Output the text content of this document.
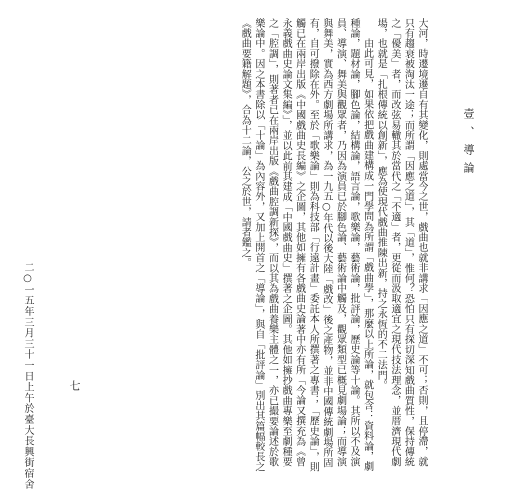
大河，時遷境遷自有其變化，則處當今之世，戲曲也就非講求「因應之道」不可；否則，且停滯，就只有趨衰被淘汰一途；而所謂「因應之道」，其「道」，惟何？恐怕只有探切深知戲曲質性，保持傳統之「優美」者，而改弦易轍其於當代之「不適」者，更從而汲取適宜之現代技法理念，並厝濟現代劇場，也就是「扎根傳統以創新」，應為使現代戲曲推陳出新，持之永恆的不二法門。

由此可見，如果依把戲曲建構成一門學問為所謂「戲曲學」，那麼以上所論，就包含：資料論，劇種論，題材論，腳色論，結構論，語言論，歌樂論，藝術論，批評論，歷史論等十論。其所以不及演員、導演、舞美與觀眾者，乃因為演員已於腳色論、藝術論中觸及，觀眾類型已概見劇場論；而導演與舞美，實為西方劇場所講求，為一九五○年代以後大陸「戲改」後之產物，並非中國傳統劇場所固有，自可撥除在外。至於「歌樂論」則為科技部「行遠計畫」委託本人所撰著之專書；「歷史論」，則觸已在兩岸出版《中國戲曲史長編》之企圖，其他如擁有各戲曲史論著中亦有所「今論又撰充為《曾永義戲曲史論文集編》」，並以此前其建成「中國戲曲史」撰著之企圖。其他如擁抄戲曲專樂至劇種要之「腔調」，則著者已在兩岸出版《戲曲腔調新探》，而以其為戲曲養樂主體之一，亦已撮要論述於歌樂論中。因之本書除以「十論」為內容外，又加上開首之「導論」，與自「批評論」別出其篇幅較長之《戲曲要籍解題》，合為十二論，公之於世，請者鑑之。	壹、導論
七
二○一五年三月三十一日上午於臺大長興街宿舍
